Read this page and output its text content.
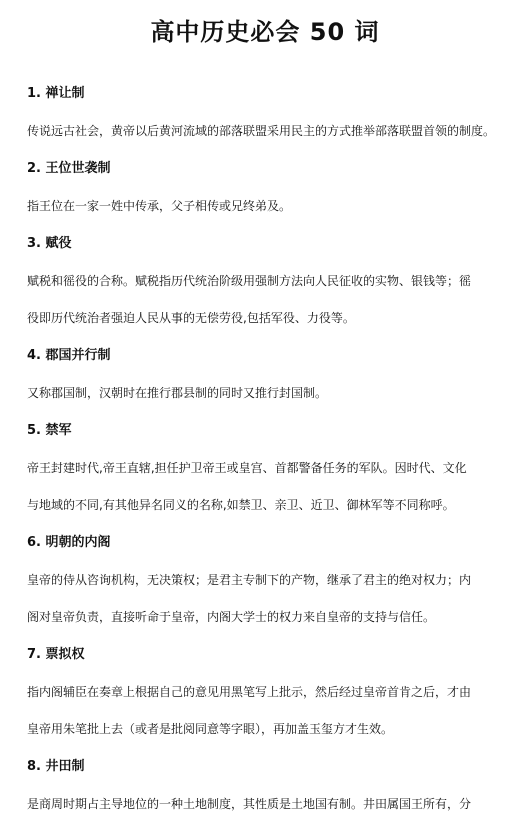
高中历史必会 50 词
1. 禅让制
传说远古社会，黄帝以后黄河流域的部落联盟采用民主的方式推举部落联盟首领的制度。
2. 王位世袭制
指王位在一家一姓中传承，父子相传或兄终弟及。
3. 赋役
赋税和徭役的合称。赋税指历代统治阶级用强制方法向人民征收的实物、银钱等；徭
役即历代统治者强迫人民从事的无偿劳役,包括军役、力役等。
4. 郡国并行制
又称郡国制，汉朝时在推行郡县制的同时又推行封国制。
5. 禁军
帝王封建时代,帝王直辖,担任护卫帝王或皇宫、首都警备任务的军队。因时代、文化
与地域的不同,有其他异名同义的名称,如禁卫、亲卫、近卫、御林军等不同称呼。
6. 明朝的内阁
皇帝的侍从咨询机构，无决策权；是君主专制下的产物，继承了君主的绝对权力；内
阁对皇帝负责，直接听命于皇帝，内阁大学士的权力来自皇帝的支持与信任。
7. 票拟权
指内阁辅臣在奏章上根据自己的意见用黑笔写上批示，然后经过皇帝首肯之后，才由
皇帝用朱笔批上去（或者是批阅同意等字眼），再加盖玉玺方才生效。
8. 井田制
是商周时期占主导地位的一种土地制度，其性质是土地国有制。井田属国王所有，分
